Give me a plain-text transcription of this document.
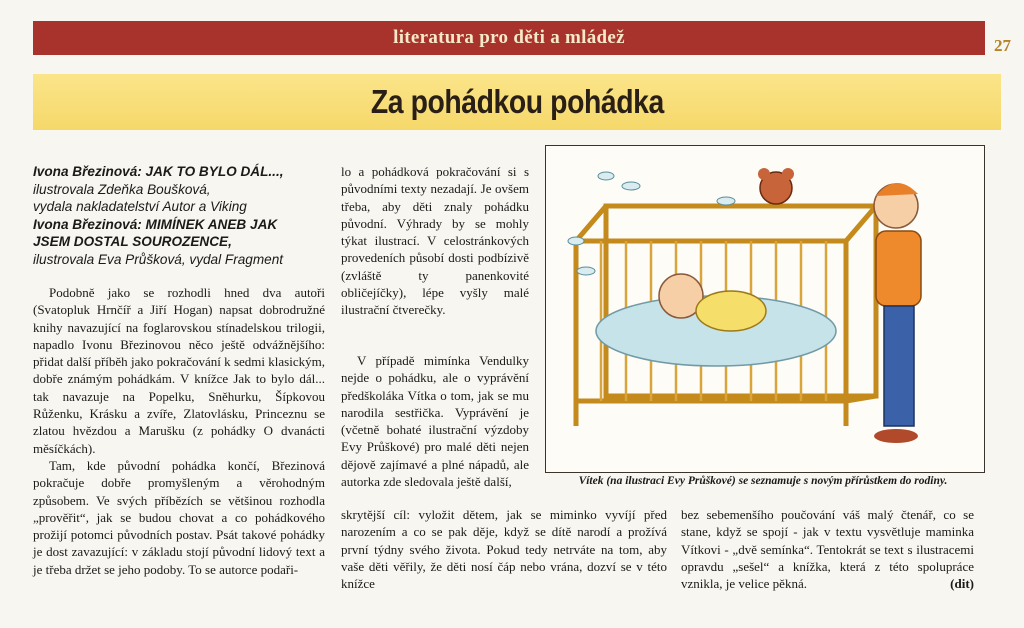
literatura pro děti a mládež	27
Za pohádkou pohádka
Ivona Březinová: JAK TO BYLO DÁL...,
ilustrovala Zdeňka Boušková,
vydala nakladatelství Autor a Viking
Ivona Březinová: MIMÍNEK ANEB JAK
JSEM DOSTAL SOUROZENCE,
ilustrovala Eva Průšková, vydal Fragment

Podobně jako se rozhodli hned dva autoři (Svatopluk Hrnčíř a Jiří Hogan) napsat dobrodružné knihy navazující na foglarovskou stínadelskou trilogii, napadlo Ivonu Březinovou něco ještě odvážnějšího: přidat další příběh jako pokračování k sedmi klasickým, dobře známým pohádkám. V knížce Jak to bylo dál... tak navazuje na Popelku, Sněhurku, Šípkovou Růženku, Krásku a zvíře, Zlatovlásku, Princeznu se zlatou hvězdou a Marušku (z pohádky O dvanácti měsíčkách).

Tam, kde původní pohádka končí, Březinová pokračuje dobře promyšleným a věrohodným způsobem. Ve svých příbězích se většinou rozhodla „prověřit“, jak se budou chovat a co pohádkového prožijí potomci původních postav. Psát takové pohádky je dost zavazující: v základu stojí původní lidový text a je třeba držet se jeho podoby. To se autorce podaři-

lo a pohádková pokračování si s původními texty nezadají. Je ovšem třeba, aby děti znaly pohádku původní. Výhrady by se mohly týkat ilustrací. V celostránkových provedeních působí dosti podbízivě (zvláště ty panenkovité obličejíčky), lépe vyšly malé ilustrační čtverečky.

V případě mimínka Vendulky nejde o pohádku, ale o vyprávění předškoláka Vítka o tom, jak se mu narodila sestřička. Vyprávění je (včetně bohaté ilustrační výzdoby Evy Průškové) pro malé děti nejen dějově zajímavé a plné nápadů, ale autorka zde sledovala ještě další,	Vítek (na ilustraci Evy Průškové) se seznamuje s novým přírůstkem do rodiny.

skrytější cíl: vyložit dětem, jak se miminko vyvíjí před narozením a co se pak děje, když se dítě narodí a prožívá první týdny svého života. Pokud tedy netrváte na tom, aby vaše děti věřily, že děti nosí čáp nebo vrána, dozví se v této knížce

bez sebemenšího poučování váš malý čtenář, co se stane, když se spojí - jak v textu vysvětluje maminka Vítkovi - „dvě semínka“. Tentokrát se text s ilustracemi opravdu „sešel“ a knížka, která z této spolupráce vznikla, je velice pěkná.	(dit)
